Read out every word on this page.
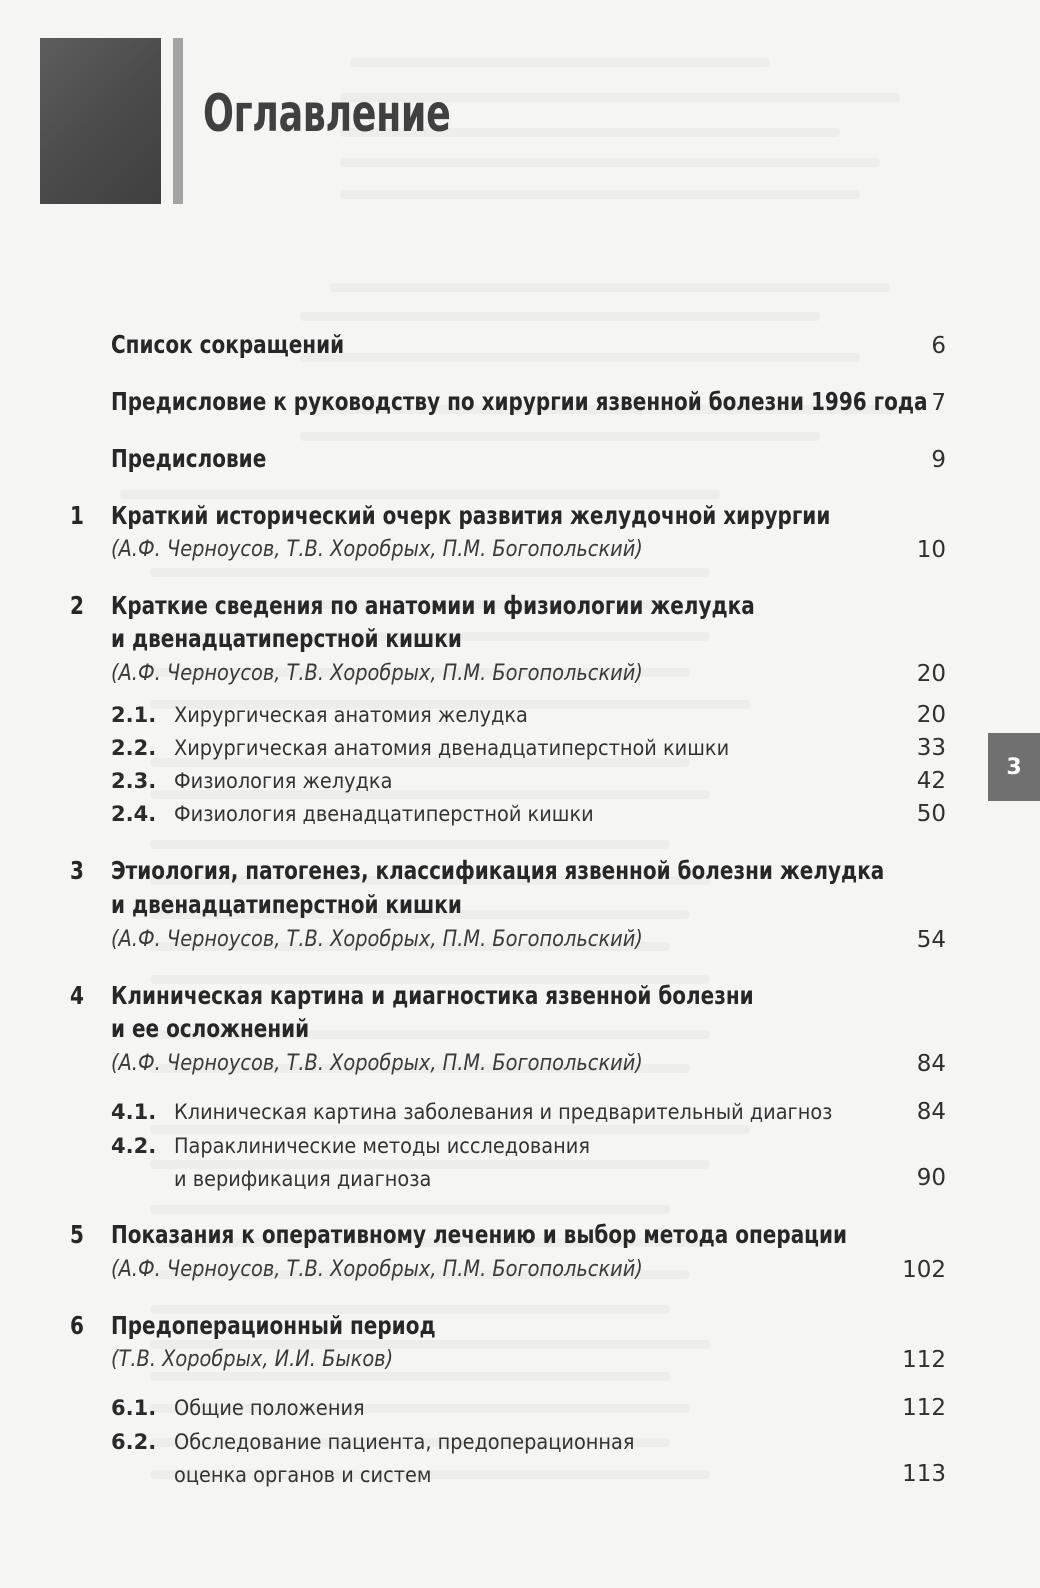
Оглавление
3
Список сокращений	6
Предисловие к руководству по хирургии язвенной болезни 1996 года 7
Предисловие	9
1 Краткий исторический очерк развития желудочной хирургии
(А.Ф. Черноусов, Т.В. Хоробрых, П.М. Богопольский)	10
2 Краткие сведения по анатомии и физиологии желудка
и двенадцатиперстной кишки
(А.Ф. Черноусов, Т.В. Хоробрых, П.М. Богопольский)	20
2.1. Хирургическая анатомия желудка	20
2.2. Хирургическая анатомия двенадцатиперстной кишки	33
2.3. Физиология желудка	42
2.4. Физиология двенадцатиперстной кишки	50
3 Этиология, патогенез, классификация язвенной болезни желудка
и двенадцатиперстной кишки
(А.Ф. Черноусов, Т.В. Хоробрых, П.М. Богопольский)	54
4 Клиническая картина и диагностика язвенной болезни
и ее осложнений
(А.Ф. Черноусов, Т.В. Хоробрых, П.М. Богопольский)	84
4.1. Клиническая картина заболевания и предварительный диагноз	84
4.2. Параклинические методы исследования
и верификация диагноза	90
5 Показания к оперативному лечению и выбор метода операции
(А.Ф. Черноусов, Т.В. Хоробрых, П.М. Богопольский)	102
6 Предоперационный период
(Т.В. Хоробрых, И.И. Быков)	112
6.1. Общие положения	112
6.2. Обследование пациента, предоперационная
оценка органов и систем	113
